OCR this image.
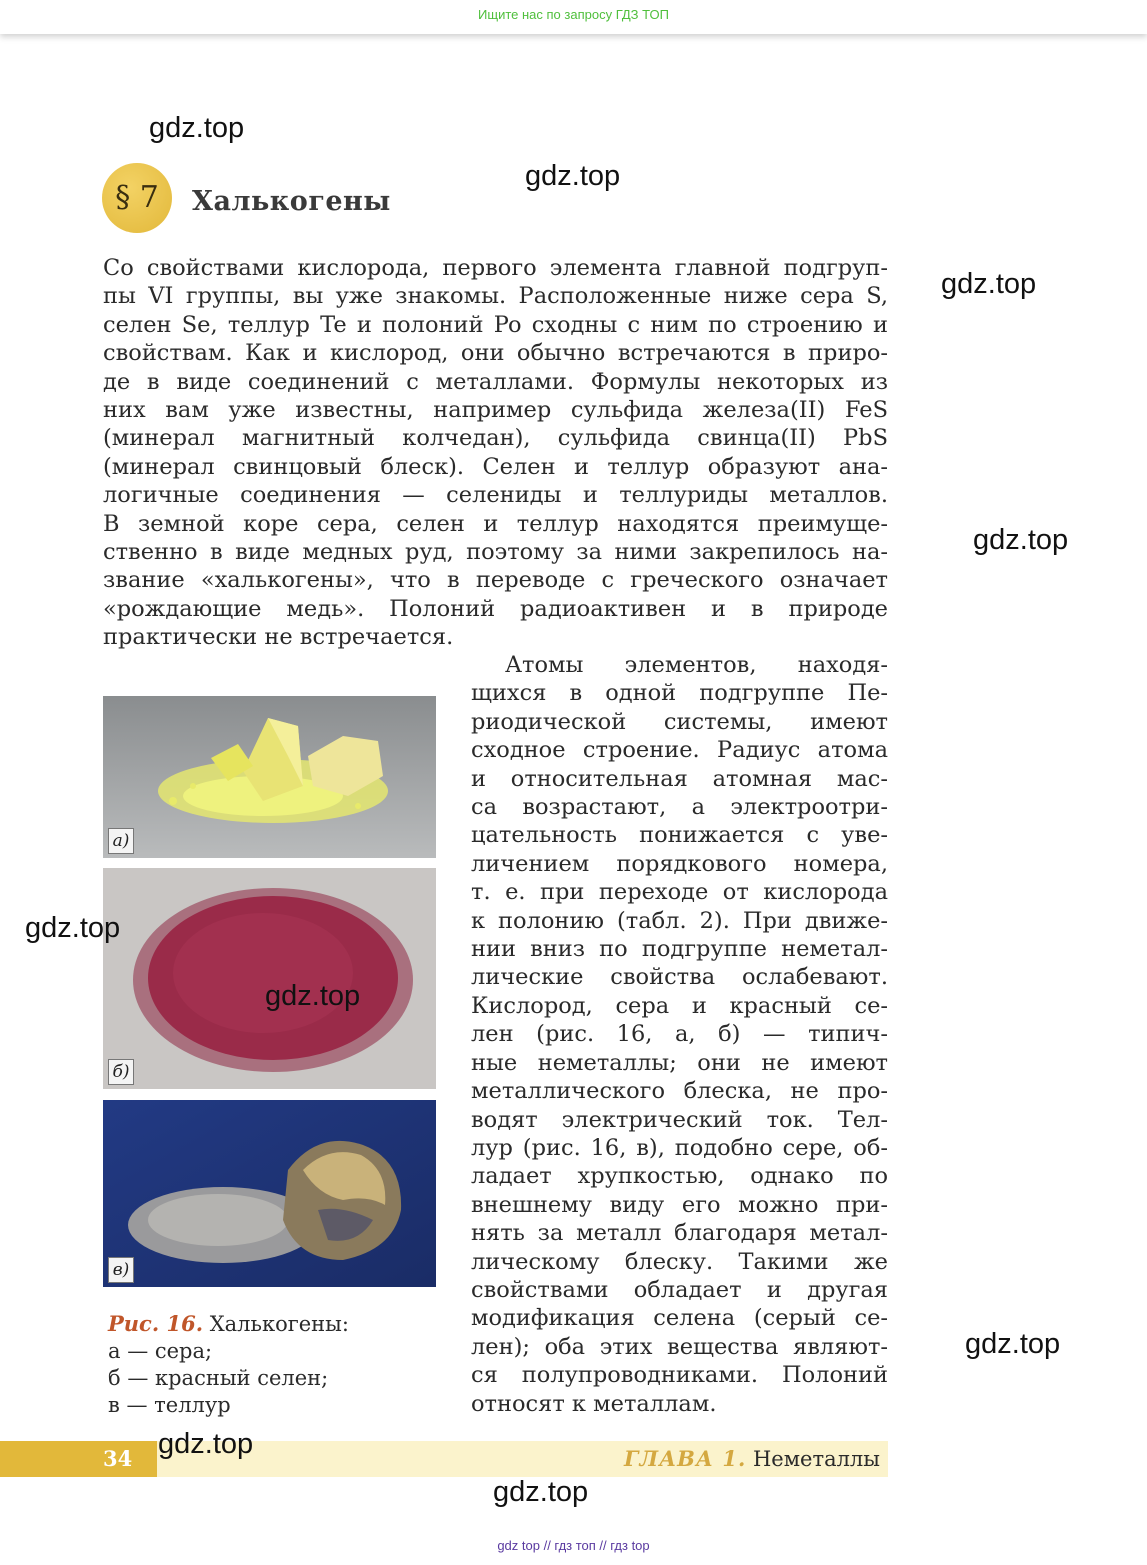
Ищите нас по запросу ГДЗ ТОП
§ 7	Халькогены
Со свойствами кислорода, первого элемента главной подгруп-
пы VI группы, вы уже знакомы. Расположенные ниже сера S,
селен Se, теллур Te и полоний Po сходны с ним по строению и
свойствам. Как и кислород, они обычно встречаются в приро-
де в виде соединений с металлами. Формулы некоторых из
них вам уже известны, например сульфида железа(II) FeS
(минерал магнитный колчедан), сульфида свинца(II) PbS
(минерал свинцовый блеск). Селен и теллур образуют ана-
логичные соединения — селениды и теллуриды металлов.
В земной коре сера, селен и теллур находятся преимуще-
ственно в виде медных руд, поэтому за ними закрепилось на-
звание «халькогены», что в переводе с греческого означает
«рождающие медь». Полоний радиоактивен и в природе
практически не встречается.
Атомы элементов, находя-
щихся в одной подгруппе Пе-
риодической системы, имеют
сходное строение. Радиус атома
и относительная атомная мас-
са возрастают, а электроотри-
цательность понижается с уве-
личением порядкового номера,
т. е. при переходе от кислорода
к полонию (табл. 2). При движе-
нии вниз по подгруппе неметал-
лические свойства ослабевают.
Кислород, сера и красный се-
лен (рис. 16, а, б) — типич-
ные неметаллы; они не имеют
металлического блеска, не про-
водят электрический ток. Тел-
лур (рис. 16, в), подобно сере, об-
ладает хрупкостью, однако по
внешнему виду его можно при-
нять за металл благодаря метал-
лическому блеску. Такими же
свойствами обладает и другая
модификация селена (серый се-
лен); оба этих вещества являют-
ся полупроводниками. Полоний
относят к металлам.
а)
б)
в)
Рис. 16. Халькогены:
а — сера;
б — красный селен;
в — теллур
34	ГЛАВА 1. Неметаллы
gdz.top
gdz.top
gdz.top
gdz.top
gdz.top
gdz.top
gdz.top
gdz.top
gdz.top
gdz top // гдз топ // гдз top
